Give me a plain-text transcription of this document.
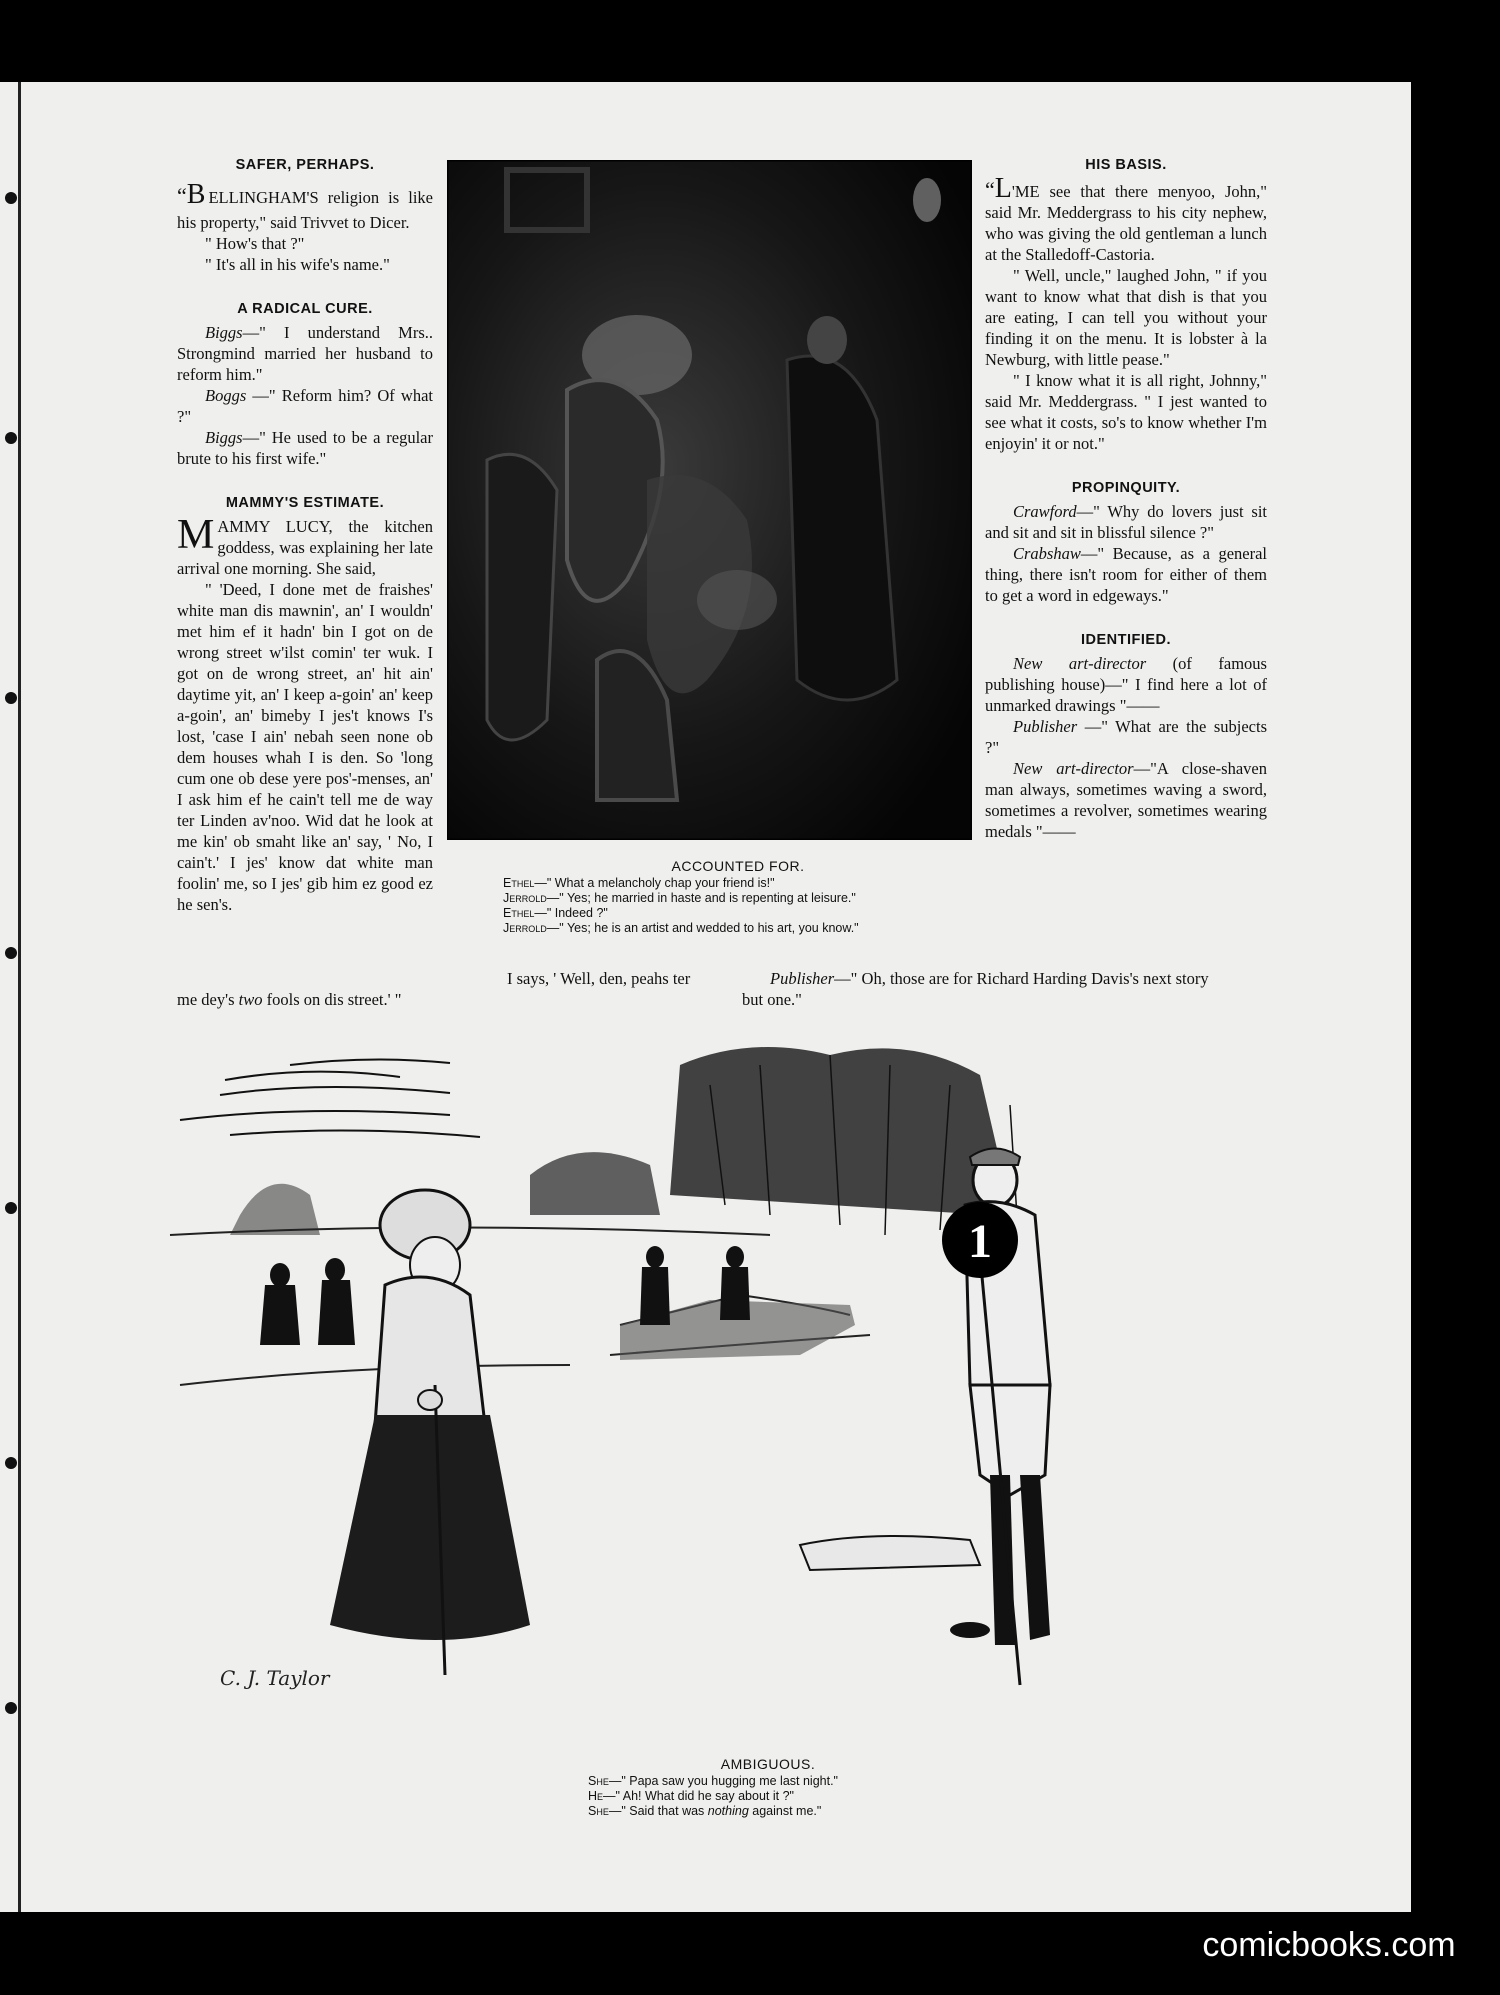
SAFER, PERHAPS.

“B ELLINGHAM'S religion is like his property," said Trivvet to Dicer.

" How's that ?"

" It's all in his wife's name."

A RADICAL CURE.

Biggs—" I understand Mrs.. Strongmind married her husband to reform him."

Boggs —" Reform him? Of what ?"

Biggs—" He used to be a regular brute to his first wife."

MAMMY'S ESTIMATE.

MAMMY LUCY, the kitchen goddess, was explaining her late arrival one morning. She said,

" 'Deed, I done met de fraishes' white man dis mawnin', an' I wouldn' met him ef it hadn' bin I got on de wrong street w'ilst comin' ter wuk. I got on de wrong street, an' hit ain' daytime yit, an' I keep a-goin' an' keep a-goin', an' bimeby I jes't knows I's lost, 'case I ain' nebah seen none ob dem houses whah I is den. So 'long cum one ob dese yere pos'-menses, an' I ask him ef he cain't tell me de way ter Linden av'noo. Wid dat he look at me kin' ob smaht like an' say, ' No, I cain't.' I jes' know dat white man foolin' me, so I jes' gib him ez good ez he sen's.

ACCOUNTED FOR.
Ethel—" What a melancholy chap your friend is!"
Jerrold—" Yes; he married in haste and is repenting at leisure."
Ethel—" Indeed ?"
Jerrold—" Yes; he is an artist and wedded to his art, you know."
HIS BASIS.

“L'ME see that there menyoo, John," said Mr. Meddergrass to his city nephew, who was giving the old gentleman a lunch at the Stalledoff-Castoria.

" Well, uncle," laughed John, " if you want to know what that dish is that you are eating, I can tell you without your finding it on the menu. It is lobster à la Newburg, with little pease."

" I know what it is all right, Johnny," said Mr. Meddergrass. " I jest wanted to see what it costs, so's to know whether I'm enjoyin' it or not."

PROPINQUITY.

Crawford—" Why do lovers just sit and sit and sit in blissful silence ?"

Crabshaw—" Because, as a general thing, there isn't room for either of them to get a word in edgeways."

IDENTIFIED.

New art-director (of famous publishing house)—" I find here a lot of unmarked drawings "——

Publisher —" What are the subjects ?"

New art-director—"A close-shaven man always, sometimes waving a sword, sometimes a revolver, sometimes wearing medals "——

I says, ' Well, den, peahs ter	Publisher—" Oh, those are for Richard Harding Davis's next story
me dey's two fools on dis street.' "	but one."
1
C. J. Taylor
AMBIGUOUS.
She—" Papa saw you hugging me last night."
He—" Ah! What did he say about it ?"
She—" Said that was nothing against me."
comicbooks.com
